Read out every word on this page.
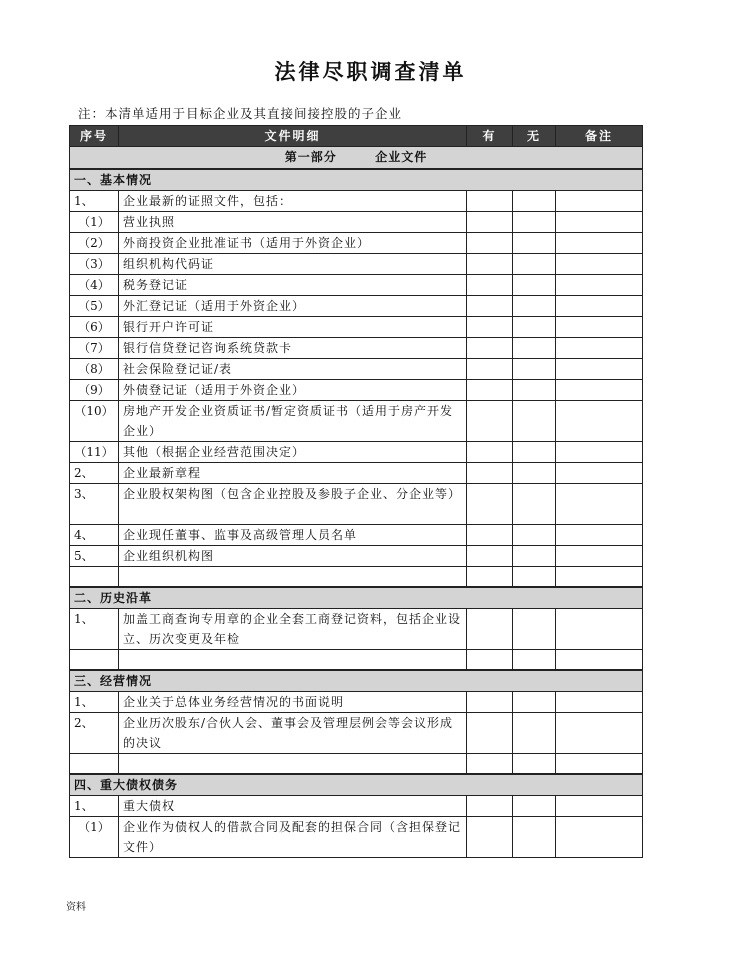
法律尽职调查清单
注：本清单适用于目标企业及其直接间接控股的子企业
序号	文件明细	有	无	备注
第一部分 企业文件				
一、基本情况				
1、	企业最新的证照文件，包括：			
（1）	营业执照			
（2）	外商投资企业批准证书（适用于外资企业）			
（3）	组织机构代码证			
（4）	税务登记证			
（5）	外汇登记证（适用于外资企业）			
（6）	银行开户许可证			
（7）	银行信贷登记咨询系统贷款卡			
（8）	社会保险登记证/表			
（9）	外债登记证（适用于外资企业）			
（10）	房地产开发企业资质证书/暂定资质证书（适用于房产开发企业）			
（11）	其他（根据企业经营范围决定）			
2、	企业最新章程			
3、	企业股权架构图（包含企业控股及参股子企业、分企业等）			
4、	企业现任董事、监事及高级管理人员名单			
5、	企业组织机构图			

二、历史沿革				
1、	加盖工商查询专用章的企业全套工商登记资料，包括企业设立、历次变更及年检			

三、经营情况				
1、	企业关于总体业务经营情况的书面说明			
2、	企业历次股东/合伙人会、董事会及管理层例会等会议形成的决议			

四、重大债权债务				
1、	重大债权			
（1）	企业作为债权人的借款合同及配套的担保合同（含担保登记文件）			
资料
